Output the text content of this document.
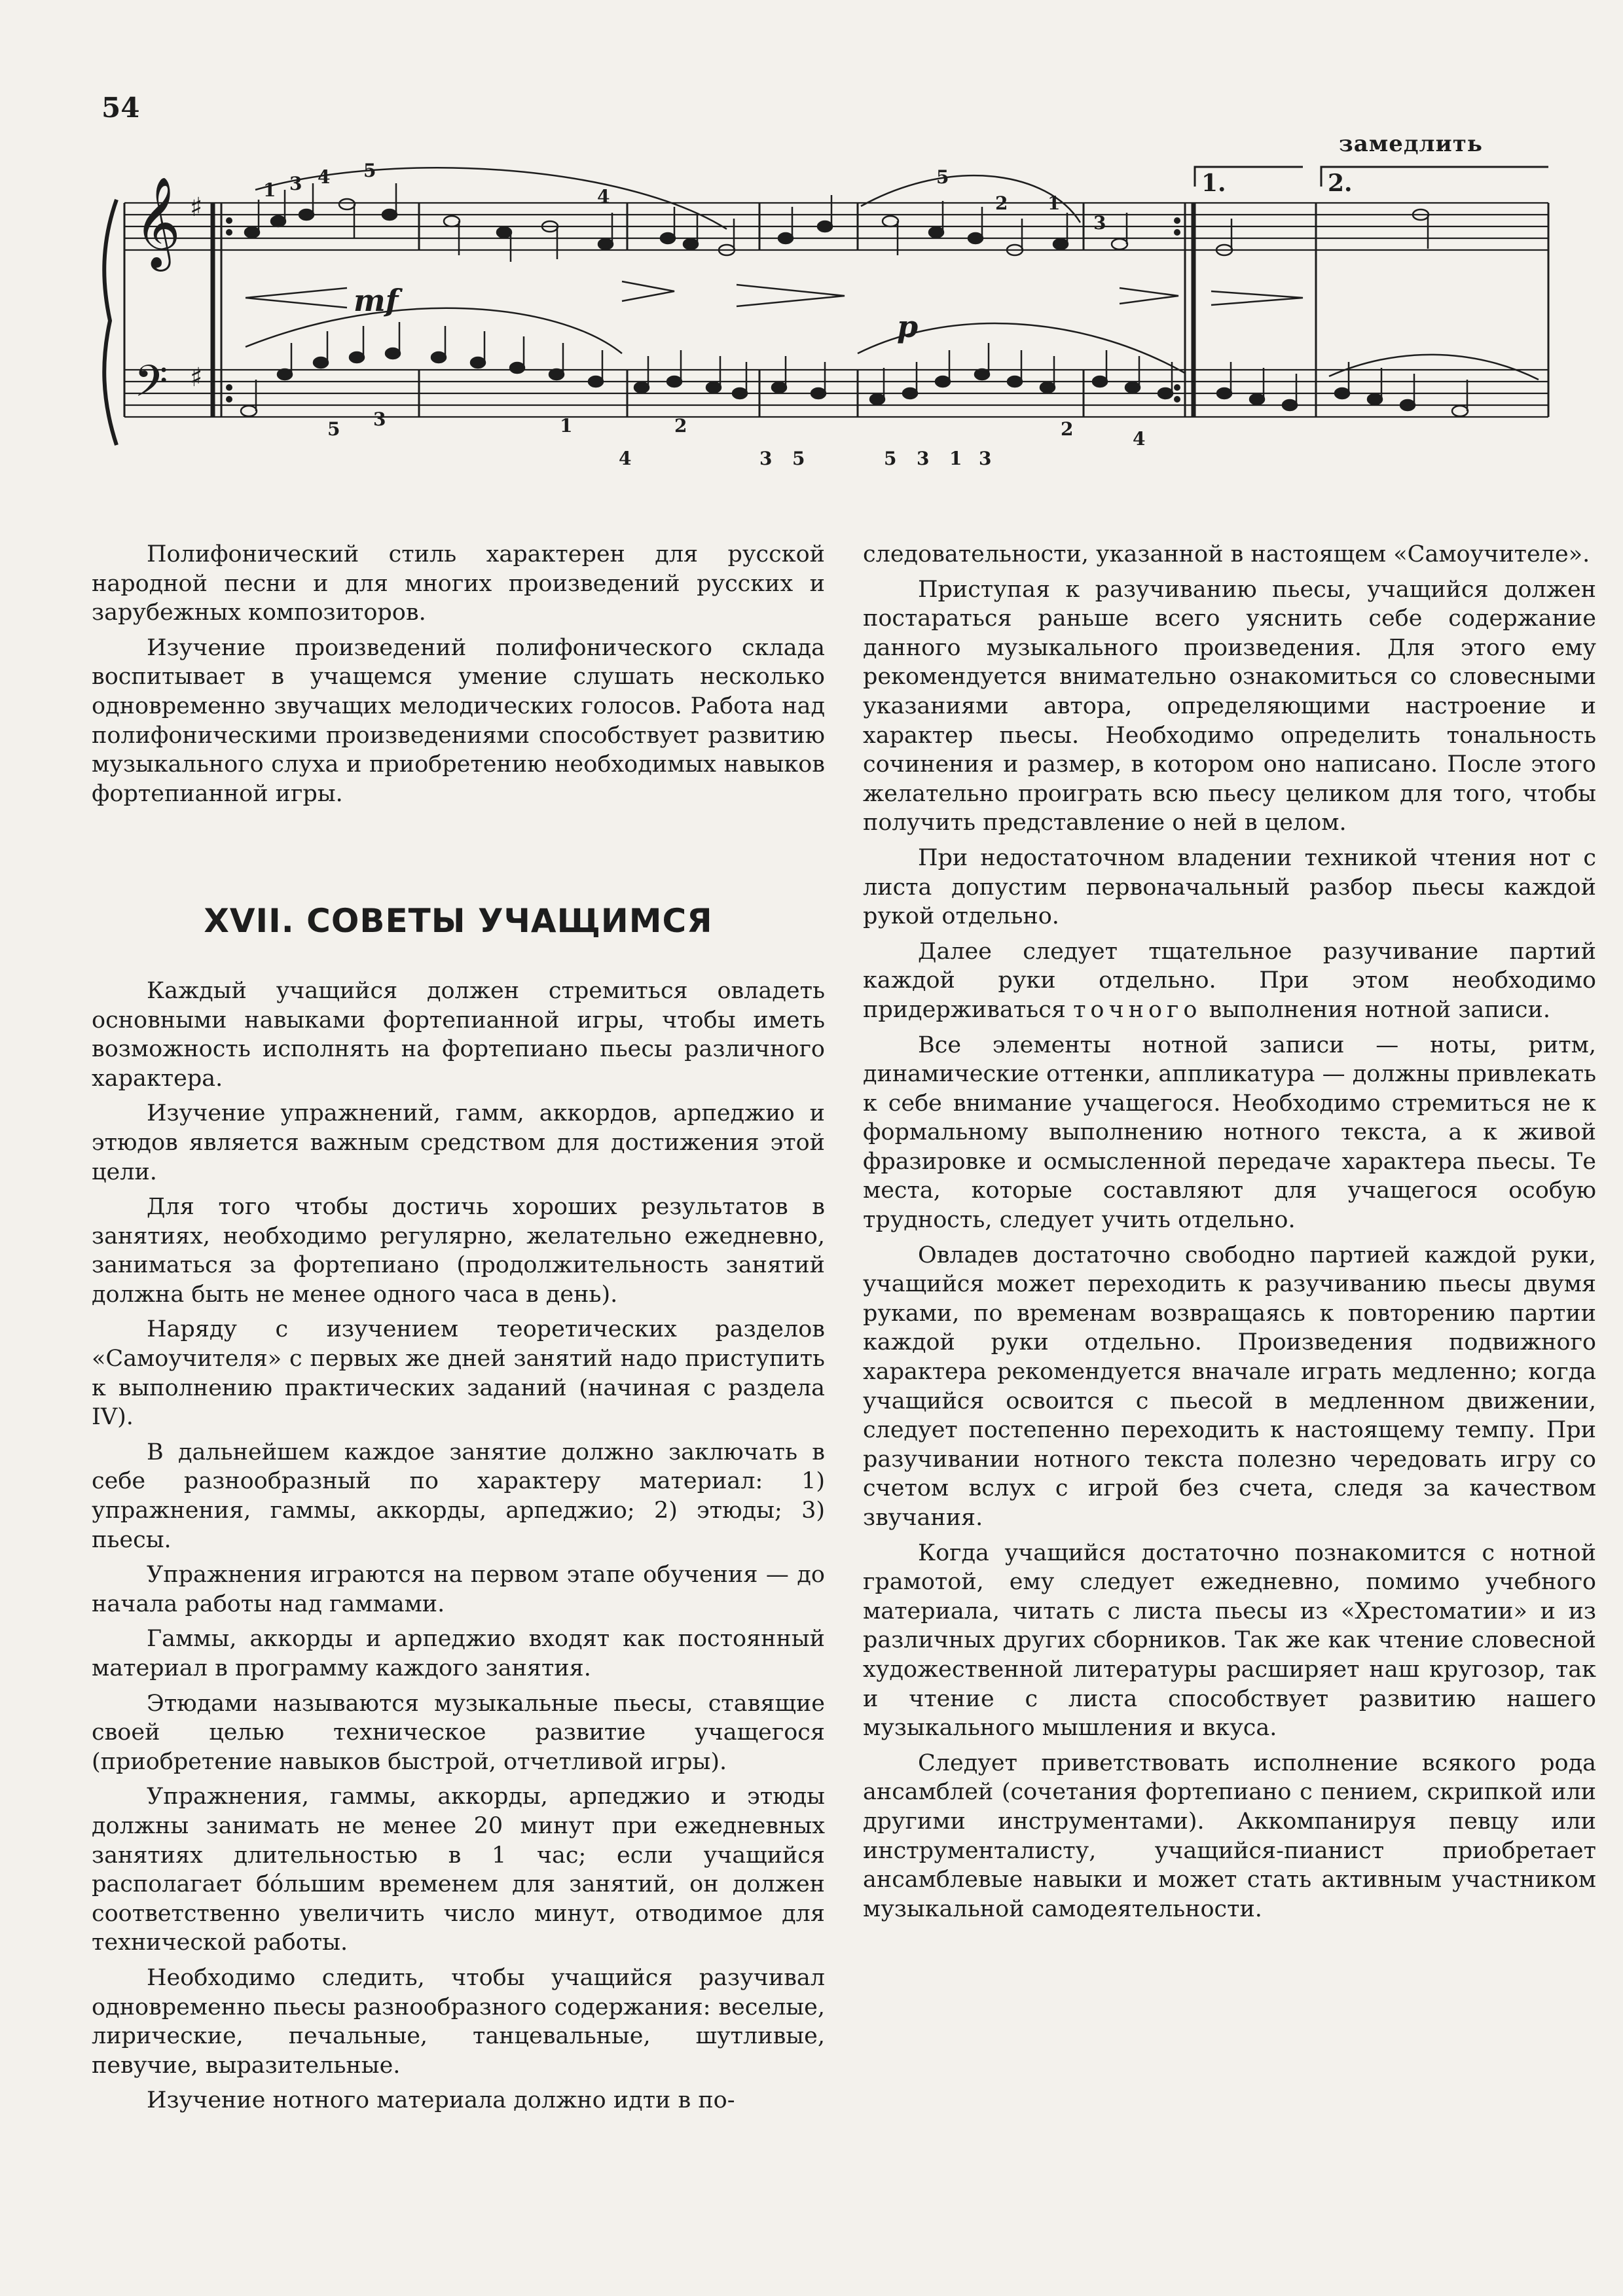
54
замедлить
𝄞
𝄢
♯
♯
1.	2.
mf
p
1 3 4 5
4
5
2 1
3
5 3	1	2
4	3 5	5 3 1 3
2	4

Полифонический стиль характерен для русской народной песни и для многих произведений русских и зарубежных композиторов.

Изучение произведений полифонического склада воспитывает в учащемся умение слушать несколько одновременно звучащих мелодических голосов. Работа над полифоническими произведениями способствует развитию музыкального слуха и приобретению необходимых навыков фортепианной игры.

XVII. СОВЕТЫ УЧАЩИМСЯ

Каждый учащийся должен стремиться овладеть основными навыками фортепианной игры, чтобы иметь возможность исполнять на фортепиано пьесы различного характера.

Изучение упражнений, гамм, аккордов, арпеджио и этюдов является важным средством для достижения этой цели.

Для того чтобы достичь хороших результатов в занятиях, необходимо регулярно, желательно ежедневно, заниматься за фортепиано (продолжительность занятий должна быть не менее одного часа в день).

Наряду с изучением теоретических разделов «Самоучителя» с первых же дней занятий надо приступить к выполнению практических заданий (начиная с раздела IV).

В дальнейшем каждое занятие должно заключать в себе разнообразный по характеру материал: 1) упражнения, гаммы, аккорды, арпеджио; 2) этюды; 3) пьесы.

Упражнения играются на первом этапе обучения — до начала работы над гаммами.

Гаммы, аккорды и арпеджио входят как постоянный материал в программу каждого занятия.

Этюдами называются музыкальные пьесы, ставящие своей целью техническое развитие учащегося (приобретение навыков быстрой, отчетливой игры).

Упражнения, гаммы, аккорды, арпеджио и этюды должны занимать не менее 20 минут при ежедневных занятиях длительностью в 1 час; если учащийся располагает бо́льшим временем для занятий, он должен соответственно увеличить число минут, отводимое для технической работы.

Необходимо следить, чтобы учащийся разучивал одновременно пьесы разнообразного содержания: веселые, лирические, печальные, танцевальные, шутливые, певучие, выразительные.

Изучение нотного материала должно идти в по-

следовательности, указанной в настоящем «Самоучителе».

Приступая к разучиванию пьесы, учащийся должен постараться раньше всего уяснить себе содержание данного музыкального произведения. Для этого ему рекомендуется внимательно ознакомиться со словесными указаниями автора, определяющими настроение и характер пьесы. Необходимо определить тональность сочинения и размер, в котором оно написано. После этого желательно проиграть всю пьесу целиком для того, чтобы получить представление о ней в целом.

При недостаточном владении техникой чтения нот с листа допустим первоначальный разбор пьесы каждой рукой отдельно.

Далее следует тщательное разучивание партий каждой руки отдельно. При этом необходимо придерживаться точного выполнения нотной записи.

Все элементы нотной записи — ноты, ритм, динамические оттенки, аппликатура — должны привлекать к себе внимание учащегося. Необходимо стремиться не к формальному выполнению нотного текста, а к живой фразировке и осмысленной передаче характера пьесы. Те места, которые составляют для учащегося особую трудность, следует учить отдельно.

Овладев достаточно свободно партией каждой руки, учащийся может переходить к разучиванию пьесы двумя руками, по временам возвращаясь к повторению партии каждой руки отдельно. Произведения подвижного характера рекомендуется вначале играть медленно; когда учащийся освоится с пьесой в медленном движении, следует постепенно переходить к настоящему темпу. При разучивании нотного текста полезно чередовать игру со счетом вслух с игрой без счета, следя за качеством звучания.

Когда учащийся достаточно познакомится с нотной грамотой, ему следует ежедневно, помимо учебного материала, читать с листа пьесы из «Хрестоматии» и из различных других сборников. Так же как чтение словесной художественной литературы расширяет наш кругозор, так и чтение с листа способствует развитию нашего музыкального мышления и вкуса.

Следует приветствовать исполнение всякого рода ансамблей (сочетания фортепиано с пением, скрипкой или другими инструментами). Аккомпанируя певцу или инструменталисту, учащийся-пианист приобретает ансамблевые навыки и может стать активным участником музыкальной самодеятельности.
